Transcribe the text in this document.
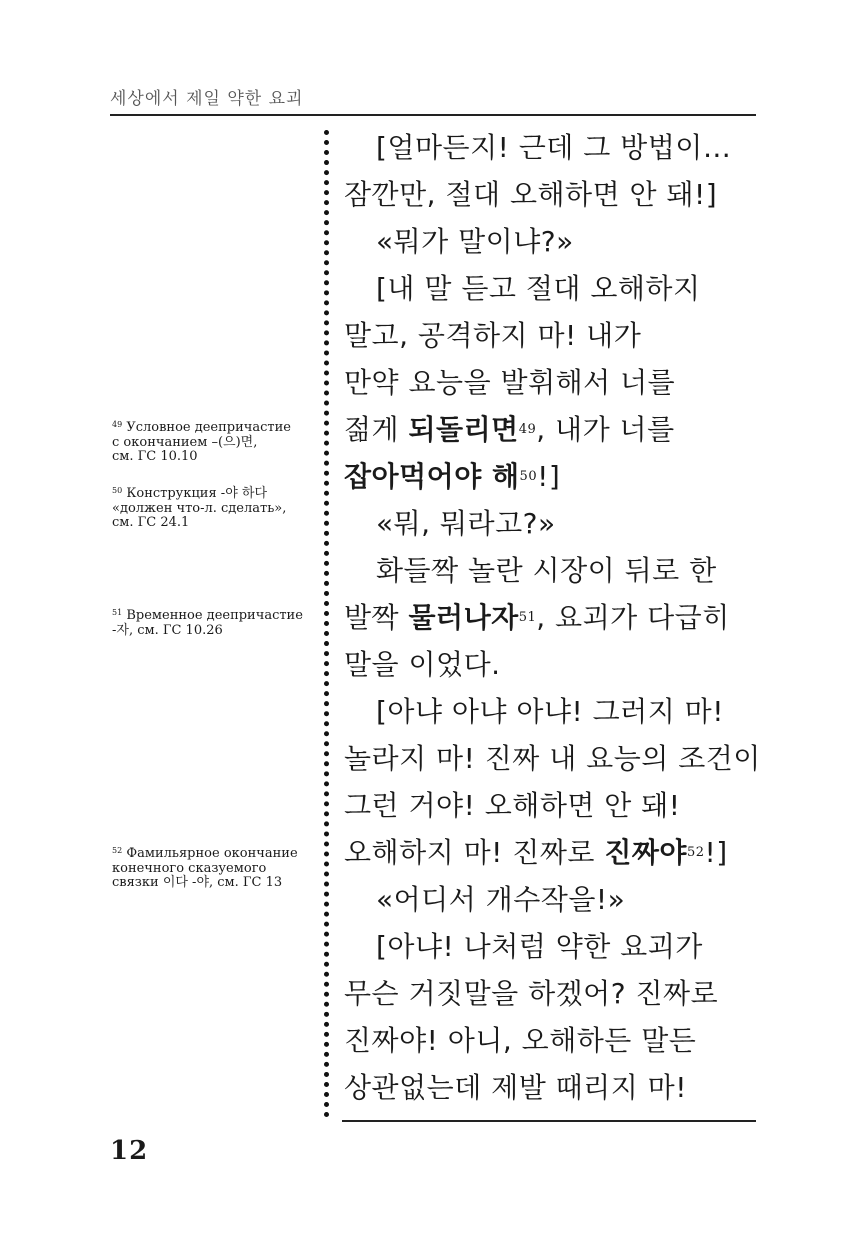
세상에서 제일 약한 요괴
[얼마든지! 근데 그 방법이…
잠깐만, 절대 오해하면 안 돼!]
«뭐가 말이냐?»
[내 말 듣고 절대 오해하지
말고, 공격하지 마! 내가
만약 요능을 발휘해서 너를
젊게 되돌리면$^{49}$, 내가 너를
잡아먹어야 해$^{50}$!]
«뭐, 뭐라고?»
화들짝 놀란 시장이 뒤로 한
발짝 물러나자$^{51}$, 요괴가 다급히
말을 이었다.
[아냐 아냐 아냐! 그러지 마!
놀라지 마! 진짜 내 요능의 조건이
그런 거야! 오해하면 안 돼!
오해하지 마! 진짜로 진짜야$^{52}$!]
«어디서 개수작을!»
[아냐! 나처럼 약한 요괴가
무슨 거짓말을 하겠어? 진짜로
진짜야! 아니, 오해하든 말든
상관없는데 제발 때리지 마!
$^{49}$ Условное деепричастие
с окончанием –(으)면,
см. ГС 10.10
$^{50}$ Конструкция -야 하다
«должен что-л. сделать»,
см. ГС 24.1
$^{51}$ Временное деепричастие
-자, см. ГС 10.26
$^{52}$ Фамильярное окончание
конечного сказуемого
связки 이다 -야, см. ГС 13
12
